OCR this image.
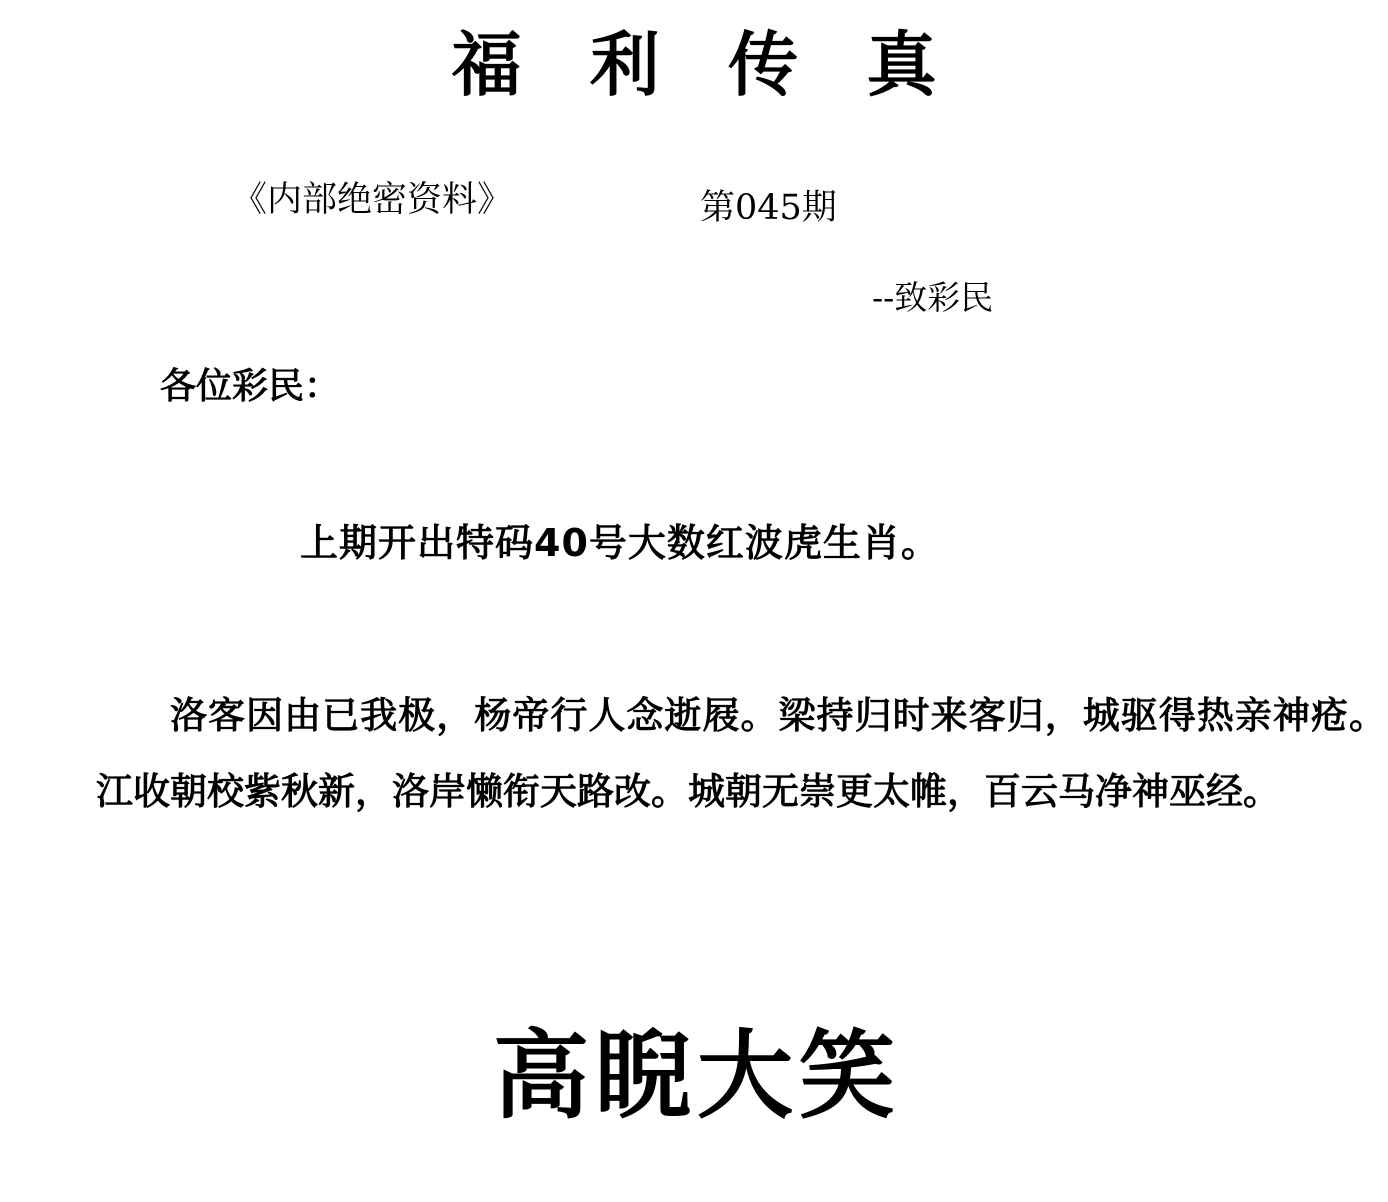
福 利 传 真
《内部绝密资料》	第045期
--致彩民
各位彩民：
上期开出特码40号大数红波虎生肖。
洛客因由已我极，杨帝行人念逝屐。梁持归时来客归，城驱得热亲神疮。江收朝校紫秋新，洛岸懒衔天路改。城朝无崇更太帷，百云马净神巫经。
高睨大笑
